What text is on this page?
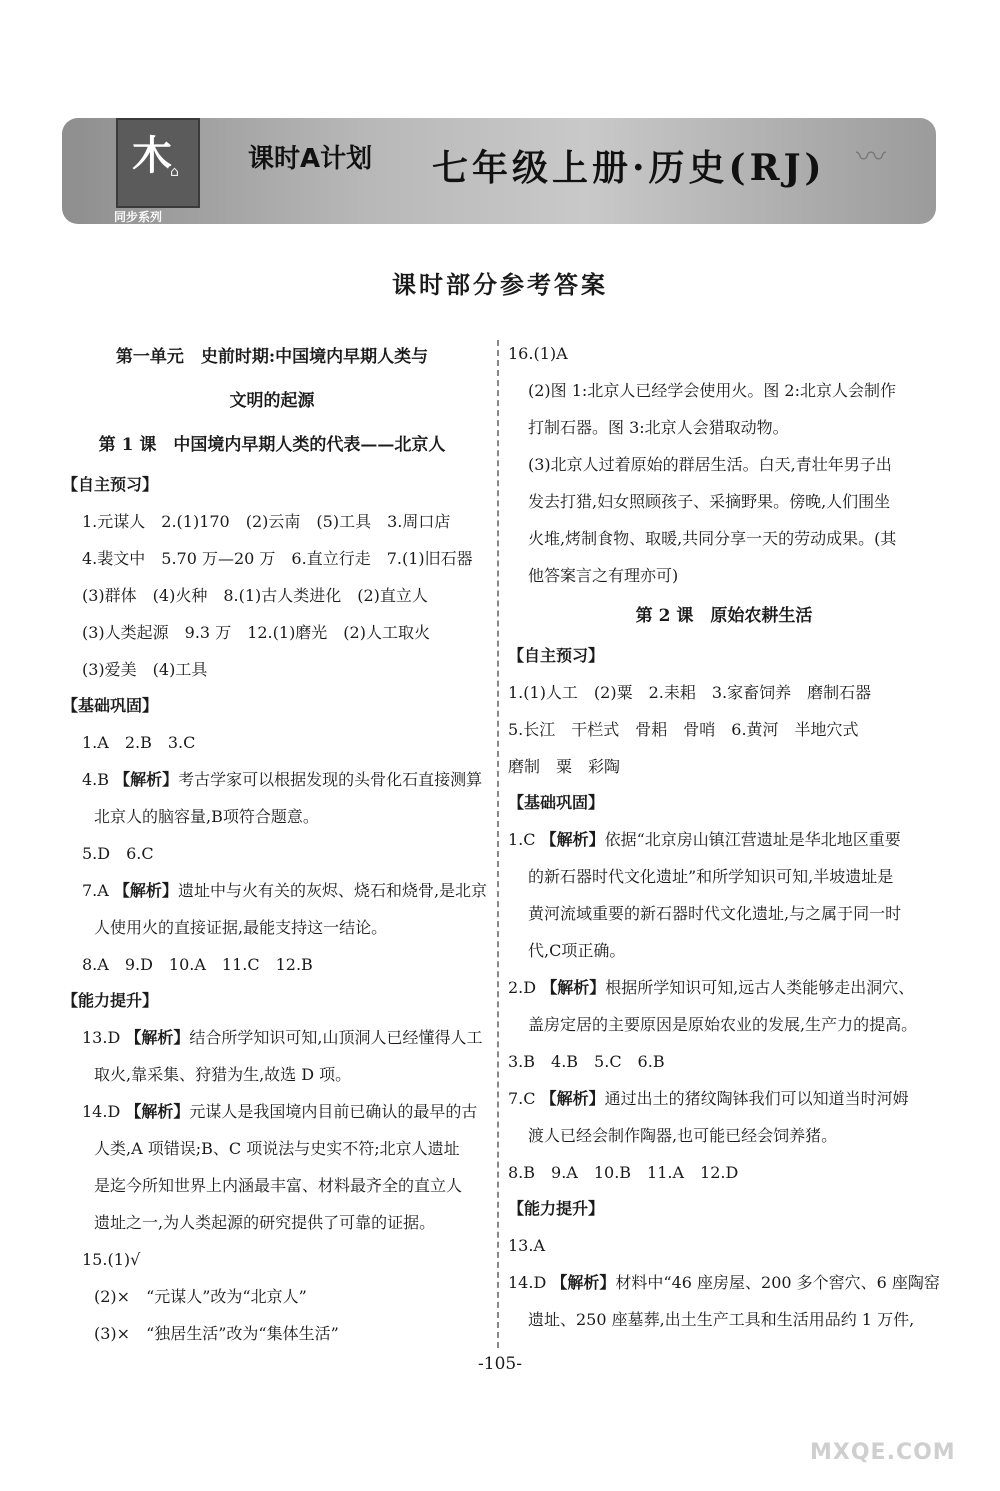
木
⌂
同步系列
课时A计划 七年级上册·历史(RJ) 〰
课时部分参考答案
第一单元　史前时期:中国境内早期人类与
文明的起源
第 1 课　中国境内早期人类的代表——北京人
【自主预习】

1.元谋人　2.(1)170　(2)云南　(5)工具　3.周口店

4.裴文中　5.70 万—20 万　6.直立行走　7.(1)旧石器

(3)群体　(4)火种　8.(1)古人类进化　(2)直立人

(3)人类起源　9.3 万　12.(1)磨光　(2)人工取火

(3)爱美　(4)工具

【基础巩固】

1.A　2.B　3.C

4.B 【解析】考古学家可以根据发现的头骨化石直接测算

北京人的脑容量,B项符合题意。

5.D　6.C

7.A 【解析】遗址中与火有关的灰烬、烧石和烧骨,是北京

人使用火的直接证据,最能支持这一结论。

8.A　9.D　10.A　11.C　12.B

【能力提升】

13.D 【解析】结合所学知识可知,山顶洞人已经懂得人工

取火,靠采集、狩猎为生,故选 D 项。

14.D 【解析】元谋人是我国境内目前已确认的最早的古

人类,A 项错误;B、C 项说法与史实不符;北京人遗址

是迄今所知世界上内涵最丰富、材料最齐全的直立人

遗址之一,为人类起源的研究提供了可靠的证据。

15.(1)√

(2)×　“元谋人”改为“北京人”

(3)×　“独居生活”改为“集体生活”

16.(1)A

(2)图 1:北京人已经学会使用火。图 2:北京人会制作

打制石器。图 3:北京人会猎取动物。

(3)北京人过着原始的群居生活。白天,青壮年男子出

发去打猎,妇女照顾孩子、采摘野果。傍晚,人们围坐

火堆,烤制食物、取暖,共同分享一天的劳动成果。(其

他答案言之有理亦可)

第 2 课　原始农耕生活
【自主预习】

1.(1)人工　(2)粟　2.耒耜　3.家畜饲养　磨制石器

5.长江　干栏式　骨耜　骨哨　6.黄河　半地穴式

磨制　粟　彩陶

【基础巩固】

1.C 【解析】依据“北京房山镇江营遗址是华北地区重要

的新石器时代文化遗址”和所学知识可知,半坡遗址是

黄河流域重要的新石器时代文化遗址,与之属于同一时

代,C项正确。

2.D 【解析】根据所学知识可知,远古人类能够走出洞穴、

盖房定居的主要原因是原始农业的发展,生产力的提高。

3.B　4.B　5.C　6.B

7.C 【解析】通过出土的猪纹陶钵我们可以知道当时河姆

渡人已经会制作陶器,也可能已经会饲养猪。

8.B　9.A　10.B　11.A　12.D

【能力提升】

13.A

14.D 【解析】材料中“46 座房屋、200 多个窖穴、6 座陶窑

遗址、250 座墓葬,出土生产工具和生活用品约 1 万件,

-105-
MXQE.COM
